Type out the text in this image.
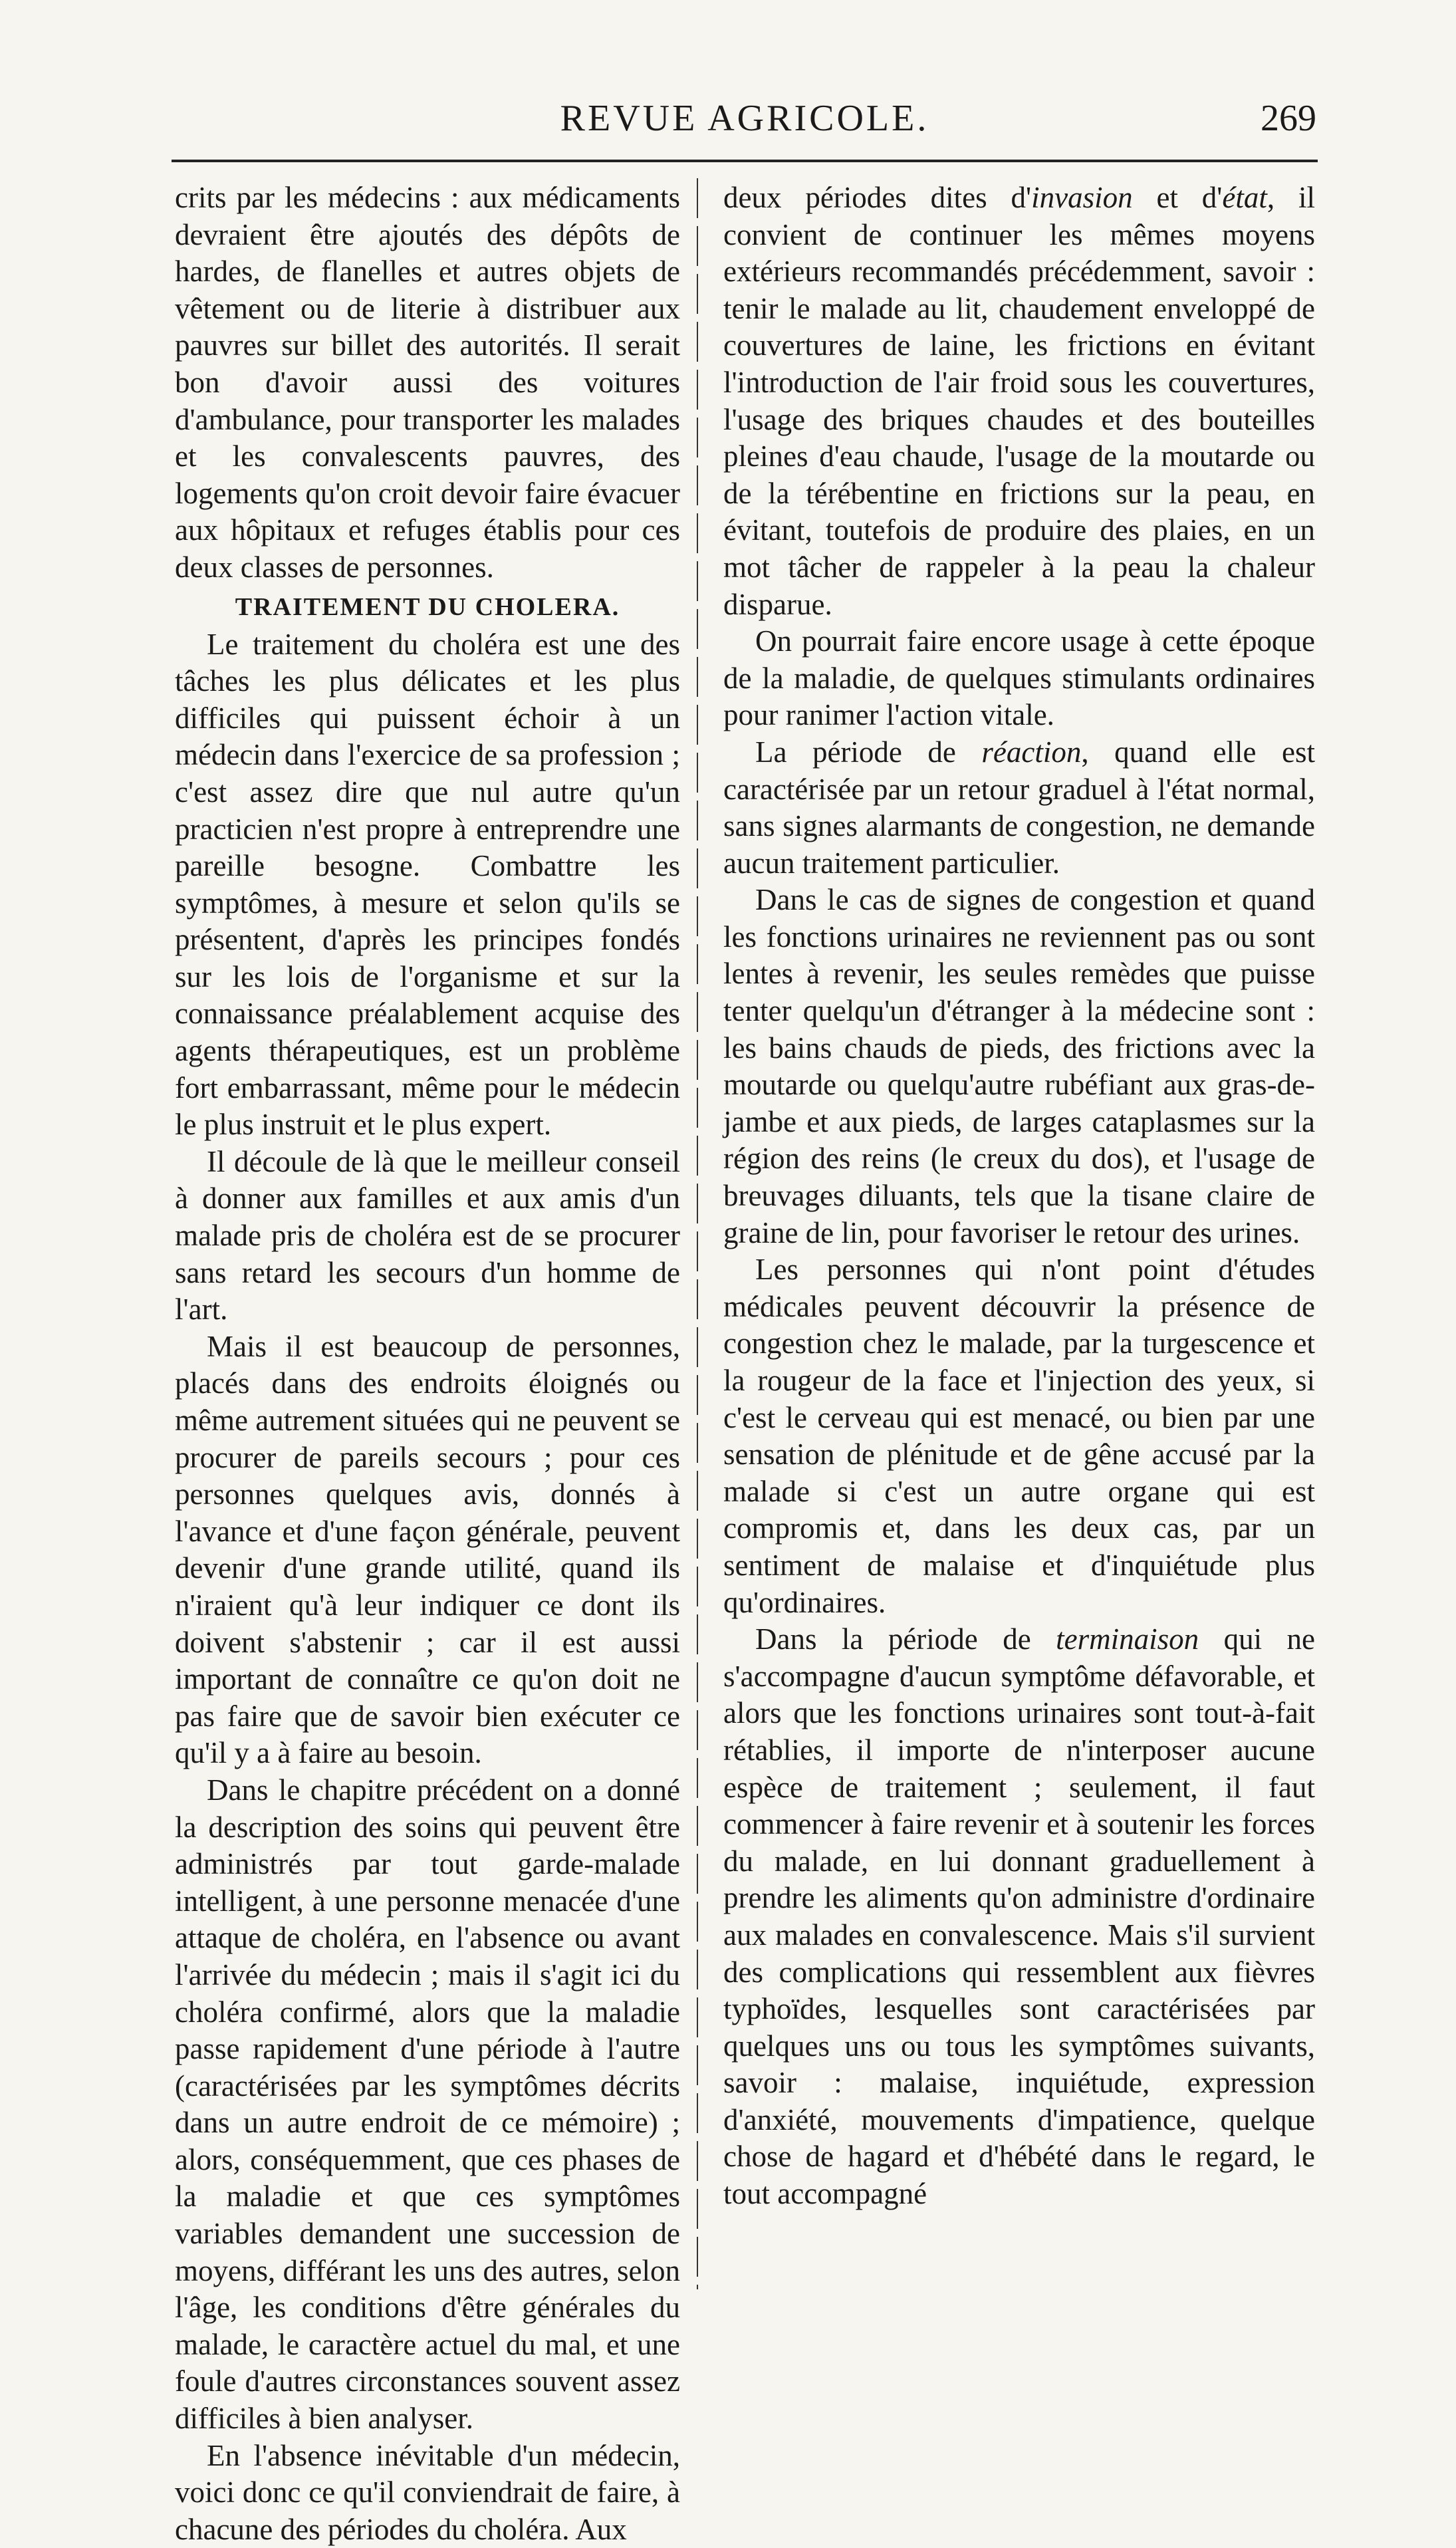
REVUE AGRICOLE.	269

crits par les médecins : aux médicaments devraient être ajoutés des dépôts de hardes, de flanelles et autres objets de vêtement ou de literie à distribuer aux pauvres sur billet des autorités. Il serait bon d'avoir aussi des voitures d'ambulance, pour transporter les malades et les convalescents pauvres, des logements qu'on croit devoir faire évacuer aux hôpitaux et refuges établis pour ces deux classes de personnes.

TRAITEMENT DU CHOLERA.

Le traitement du choléra est une des tâches les plus délicates et les plus difficiles qui puissent échoir à un médecin dans l'exercice de sa profession ; c'est assez dire que nul autre qu'un practicien n'est propre à entreprendre une pareille besogne. Combattre les symptômes, à mesure et selon qu'ils se présentent, d'après les principes fondés sur les lois de l'organisme et sur la connaissance préalablement acquise des agents thérapeutiques, est un problème fort embarrassant, même pour le médecin le plus instruit et le plus expert.

Il découle de là que le meilleur conseil à donner aux familles et aux amis d'un malade pris de choléra est de se procurer sans retard les secours d'un homme de l'art.

Mais il est beaucoup de personnes, placés dans des endroits éloignés ou même autrement situées qui ne peuvent se procurer de pareils secours ; pour ces personnes quelques avis, donnés à l'avance et d'une façon générale, peuvent devenir d'une grande utilité, quand ils n'iraient qu'à leur indiquer ce dont ils doivent s'abstenir ; car il est aussi important de connaître ce qu'on doit ne pas faire que de savoir bien exécuter ce qu'il y a à faire au besoin.

Dans le chapitre précédent on a donné la description des soins qui peuvent être administrés par tout garde-malade intelligent, à une personne menacée d'une attaque de choléra, en l'absence ou avant l'arrivée du médecin ; mais il s'agit ici du choléra confirmé, alors que la maladie passe rapidement d'une période à l'autre (caractérisées par les symptômes décrits dans un autre endroit de ce mémoire) ; alors, conséquemment, que ces phases de la maladie et que ces symptômes variables demandent une succession de moyens, différant les uns des autres, selon l'âge, les conditions d'être générales du malade, le caractère actuel du mal, et une foule d'autres circonstances souvent assez difficiles à bien analyser.

En l'absence inévitable d'un médecin, voici donc ce qu'il conviendrait de faire, à chacune des périodes du choléra. Aux

deux périodes dites d'invasion et d'état, il convient de continuer les mêmes moyens extérieurs recommandés précédemment, savoir : tenir le malade au lit, chaudement enveloppé de couvertures de laine, les frictions en évitant l'introduction de l'air froid sous les couvertures, l'usage des briques chaudes et des bouteilles pleines d'eau chaude, l'usage de la moutarde ou de la térébentine en frictions sur la peau, en évitant, toutefois de produire des plaies, en un mot tâcher de rappeler à la peau la chaleur disparue.

On pourrait faire encore usage à cette époque de la maladie, de quelques stimulants ordinaires pour ranimer l'action vitale.

La période de réaction, quand elle est caractérisée par un retour graduel à l'état normal, sans signes alarmants de congestion, ne demande aucun traitement particulier.

Dans le cas de signes de congestion et quand les fonctions urinaires ne reviennent pas ou sont lentes à revenir, les seules remèdes que puisse tenter quelqu'un d'étranger à la médecine sont : les bains chauds de pieds, des frictions avec la moutarde ou quelqu'autre rubéfiant aux gras-de-jambe et aux pieds, de larges cataplasmes sur la région des reins (le creux du dos), et l'usage de breuvages diluants, tels que la tisane claire de graine de lin, pour favoriser le retour des urines.

Les personnes qui n'ont point d'études médicales peuvent découvrir la présence de congestion chez le malade, par la turgescence et la rougeur de la face et l'injection des yeux, si c'est le cerveau qui est menacé, ou bien par une sensation de plénitude et de gêne accusé par la malade si c'est un autre organe qui est compromis et, dans les deux cas, par un sentiment de malaise et d'inquiétude plus qu'ordinaires.

Dans la période de terminaison qui ne s'accompagne d'aucun symptôme défavorable, et alors que les fonctions urinaires sont tout-à-fait rétablies, il importe de n'interposer aucune espèce de traitement ; seulement, il faut commencer à faire revenir et à soutenir les forces du malade, en lui donnant graduellement à prendre les aliments qu'on administre d'ordinaire aux malades en convalescence. Mais s'il survient des complications qui ressemblent aux fièvres typhoïdes, lesquelles sont caractérisées par quelques uns ou tous les symptômes suivants, savoir : malaise, inquiétude, expression d'anxiété, mouvements d'impatience, quelque chose de hagard et d'hébété dans le regard, le tout accompagné
